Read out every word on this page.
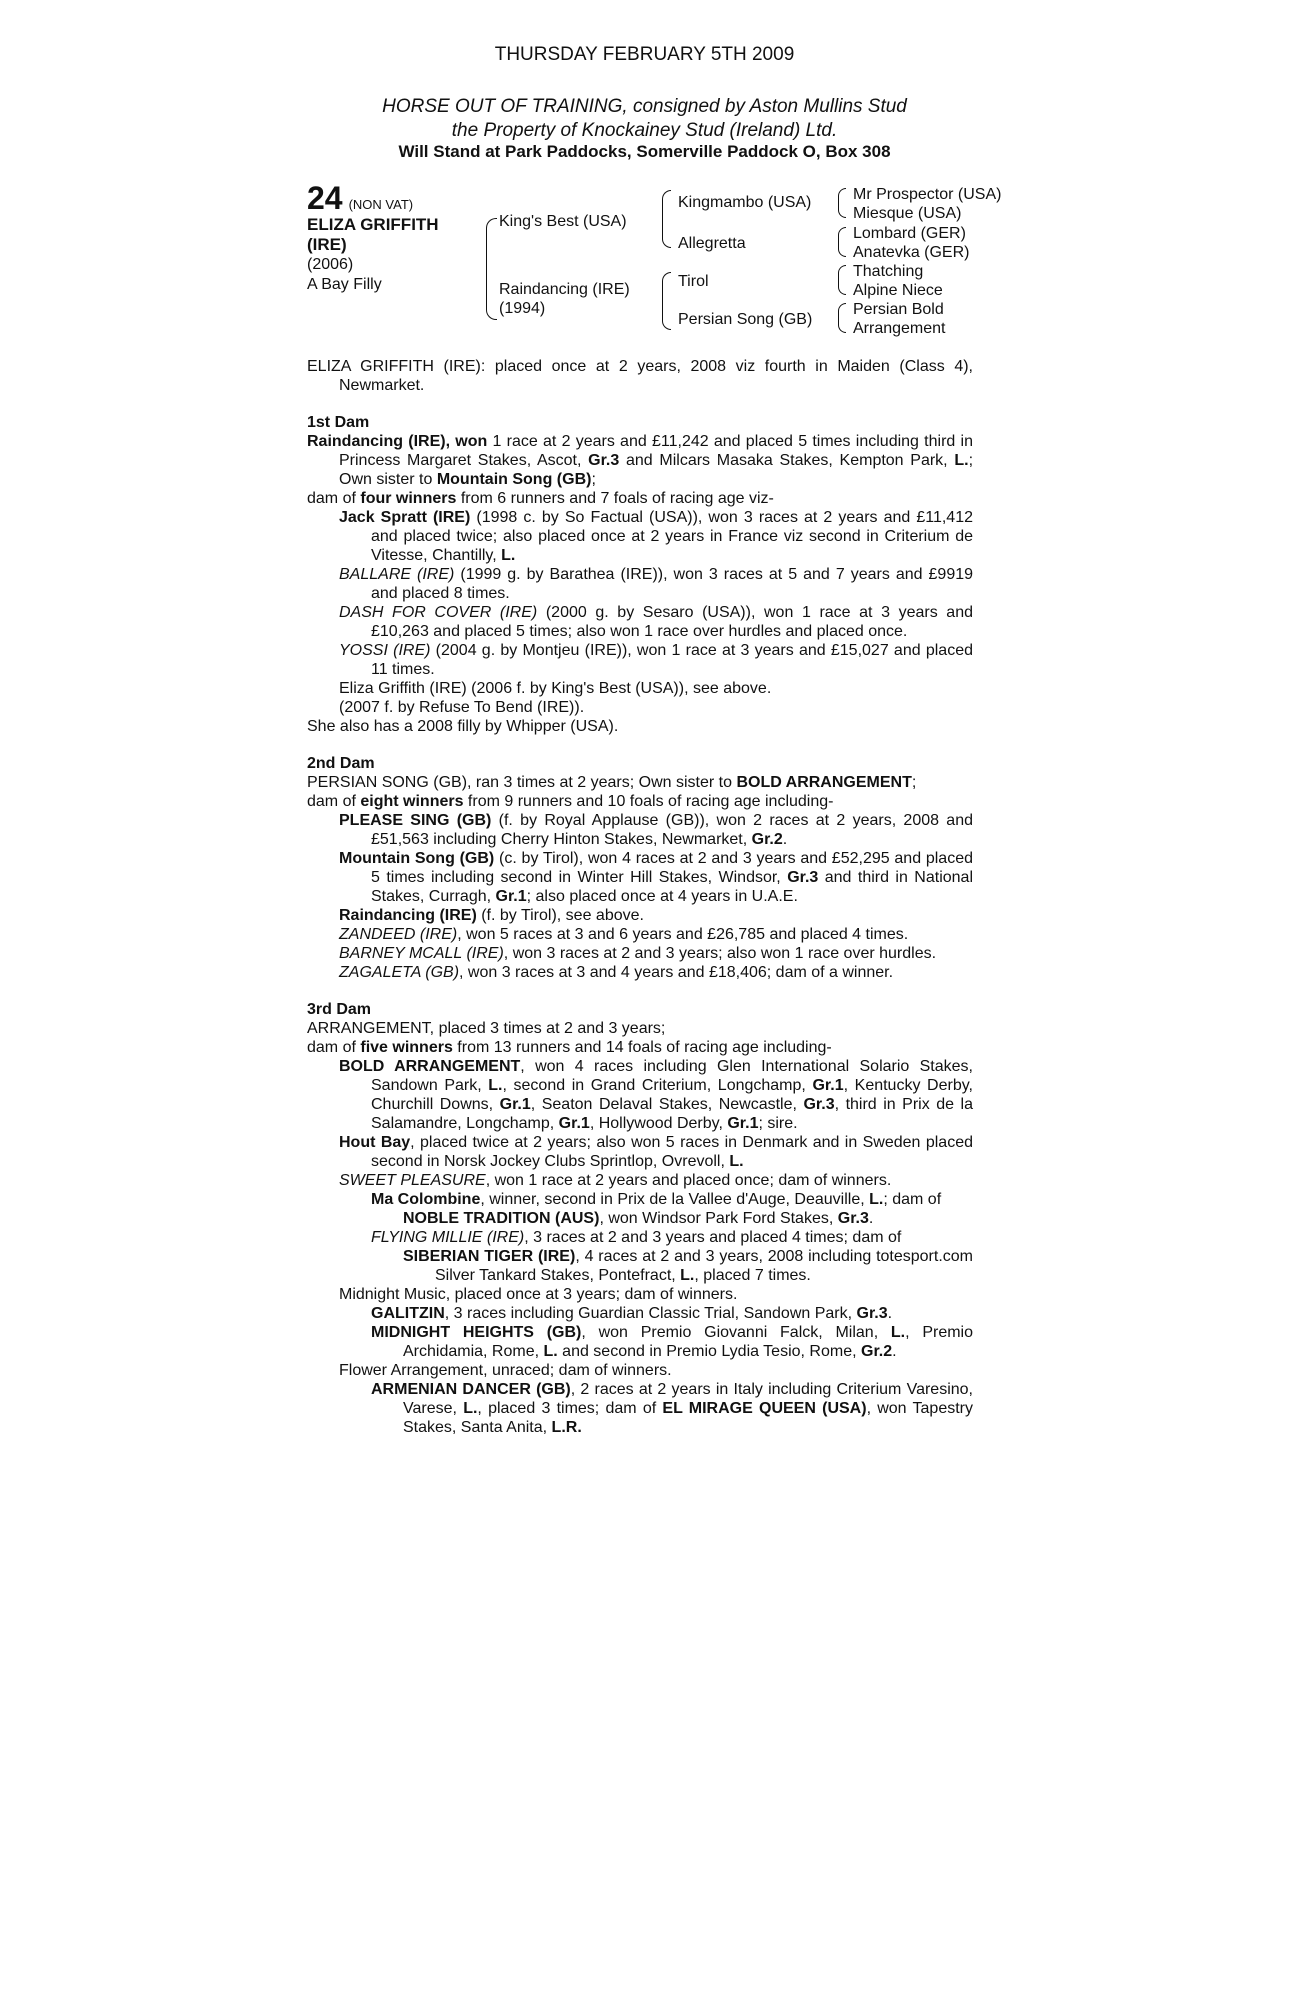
THURSDAY FEBRUARY 5TH 2009
HORSE OUT OF TRAINING, consigned by Aston Mullins Stud
the Property of Knockainey Stud (Ireland) Ltd.
Will Stand at Park Paddocks, Somerville Paddock O, Box 308
24 (NON VAT)
ELIZA GRIFFITH
(IRE)
(2006)
A Bay Filly
King's Best (USA)
Raindancing (IRE)
(1994)
Kingmambo (USA)
Allegretta
Tirol
Persian Song (GB)
Mr Prospector (USA)
Miesque (USA)
Lombard (GER)
Anatevka (GER)
Thatching
Alpine Niece
Persian Bold
Arrangement

ELIZA GRIFFITH (IRE): placed once at 2 years, 2008 viz fourth in Maiden (Class 4), Newmarket.

1st Dam

Raindancing (IRE), won 1 race at 2 years and £11,242 and placed 5 times including third in Princess Margaret Stakes, Ascot, Gr.3 and Milcars Masaka Stakes, Kempton Park, L.; Own sister to Mountain Song (GB);

dam of four winners from 6 runners and 7 foals of racing age viz-

Jack Spratt (IRE) (1998 c. by So Factual (USA)), won 3 races at 2 years and £11,412 and placed twice; also placed once at 2 years in France viz second in Criterium de Vitesse, Chantilly, L.

BALLARE (IRE) (1999 g. by Barathea (IRE)), won 3 races at 5 and 7 years and £9919 and placed 8 times.

DASH FOR COVER (IRE) (2000 g. by Sesaro (USA)), won 1 race at 3 years and £10,263 and placed 5 times; also won 1 race over hurdles and placed once.

YOSSI (IRE) (2004 g. by Montjeu (IRE)), won 1 race at 3 years and £15,027 and placed 11 times.

Eliza Griffith (IRE) (2006 f. by King's Best (USA)), see above.

(2007 f. by Refuse To Bend (IRE)).

She also has a 2008 filly by Whipper (USA).

2nd Dam

PERSIAN SONG (GB), ran 3 times at 2 years; Own sister to BOLD ARRANGEMENT;

dam of eight winners from 9 runners and 10 foals of racing age including-

PLEASE SING (GB) (f. by Royal Applause (GB)), won 2 races at 2 years, 2008 and £51,563 including Cherry Hinton Stakes, Newmarket, Gr.2.

Mountain Song (GB) (c. by Tirol), won 4 races at 2 and 3 years and £52,295 and placed 5 times including second in Winter Hill Stakes, Windsor, Gr.3 and third in National Stakes, Curragh, Gr.1; also placed once at 4 years in U.A.E.

Raindancing (IRE) (f. by Tirol), see above.

ZANDEED (IRE), won 5 races at 3 and 6 years and £26,785 and placed 4 times.

BARNEY MCALL (IRE), won 3 races at 2 and 3 years; also won 1 race over hurdles.

ZAGALETA (GB), won 3 races at 3 and 4 years and £18,406; dam of a winner.

3rd Dam

ARRANGEMENT, placed 3 times at 2 and 3 years;

dam of five winners from 13 runners and 14 foals of racing age including-

BOLD ARRANGEMENT, won 4 races including Glen International Solario Stakes, Sandown Park, L., second in Grand Criterium, Longchamp, Gr.1, Kentucky Derby, Churchill Downs, Gr.1, Seaton Delaval Stakes, Newcastle, Gr.3, third in Prix de la Salamandre, Longchamp, Gr.1, Hollywood Derby, Gr.1; sire.

Hout Bay, placed twice at 2 years; also won 5 races in Denmark and in Sweden placed second in Norsk Jockey Clubs Sprintlop, Ovrevoll, L.

SWEET PLEASURE, won 1 race at 2 years and placed once; dam of winners.

Ma Colombine, winner, second in Prix de la Vallee d'Auge, Deauville, L.; dam of

NOBLE TRADITION (AUS), won Windsor Park Ford Stakes, Gr.3.

FLYING MILLIE (IRE), 3 races at 2 and 3 years and placed 4 times; dam of

SIBERIAN TIGER (IRE), 4 races at 2 and 3 years, 2008 including totesport.com Silver Tankard Stakes, Pontefract, L., placed 7 times.

Midnight Music, placed once at 3 years; dam of winners.

GALITZIN, 3 races including Guardian Classic Trial, Sandown Park, Gr.3.

MIDNIGHT HEIGHTS (GB), won Premio Giovanni Falck, Milan, L., Premio Archidamia, Rome, L. and second in Premio Lydia Tesio, Rome, Gr.2.

Flower Arrangement, unraced; dam of winners.

ARMENIAN DANCER (GB), 2 races at 2 years in Italy including Criterium Varesino, Varese, L., placed 3 times; dam of EL MIRAGE QUEEN (USA), won Tapestry Stakes, Santa Anita, L.R.
